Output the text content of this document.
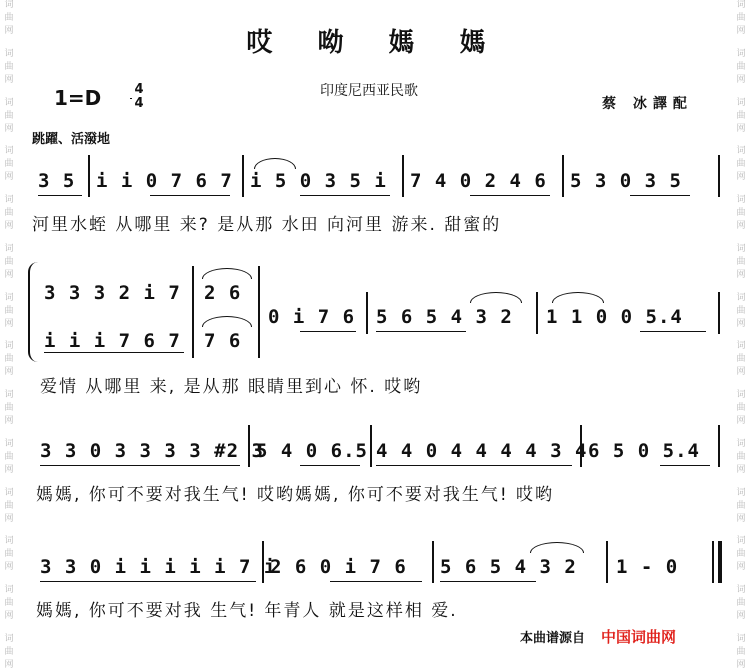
词
曲
网
词
曲
网
词
曲
网
词
曲
网
词
曲
网
词
曲
网
词
曲
网
词
曲
网
词
曲
网
词
曲
网
词
曲
网
词
曲
网
词
曲
网
词
曲
网
词
曲
网
词
曲
网
词
曲
网
词
曲
网
词
曲
网
词
曲
网
词
曲
网
词
曲
网
词
曲
网
词
曲
网
词
曲
网
词
曲
网
词
曲
网
词
曲
网
哎 呦 媽 媽
1=D	4
4
印度尼西亚民歌
蔡 冰譯配
跳躍、活潑地
3 5 i i 0 7 6 7 i 5 0 3 5 i 7 4 0 2 4 6 5 3 0 3 5
河里水蛭 从哪里 来? 是从那 水田 向河里 游来. 甜蜜的
3 3 3 2 i 7
i i i 7 6 7
2 6
7 6
0 i 7 6 5 6 5 4 3 2 1 1 0 0 5.4
爱情 从哪里 来, 是从那 眼睛里到心 怀. 哎哟
3 3 0 3 3 3 3 #2 3
5 4 0 6.5 4 4 0 4 4 4 4 3 4 6 5 0 5.4
媽媽, 你可不要对我生气! 哎哟媽媽, 你可不要对我生气! 哎哟
3 3 0 i i i i i 7 i
2 6 0 i 7 6 5 6 5 4 3 2 1 - 0
媽媽, 你可不要对我 生气! 年青人 就是这样相 爱.
本曲谱源自 中国词曲网
